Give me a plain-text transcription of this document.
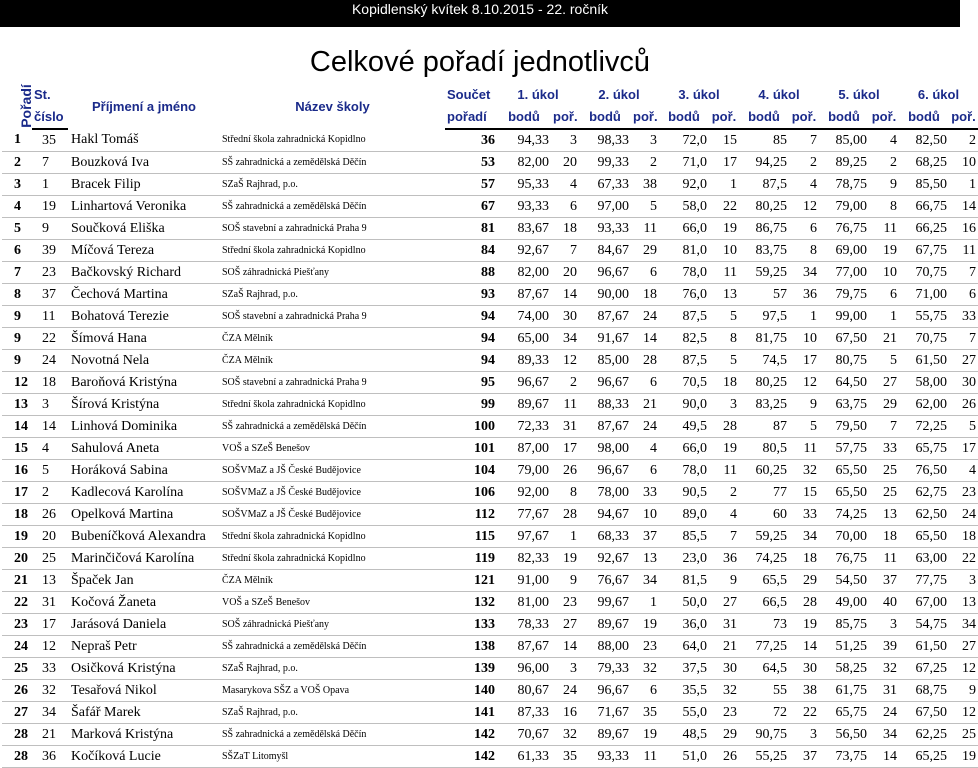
Kopidlenský kvítek 8.10.2015 - 22. ročník
Celkové pořadí jednotlivců
Pořadí	St.	Příjmení a jméno	Název školy	Součet	1. úkol		2. úkol		3. úkol		4. úkol		5. úkol		6. úkol	
	číslo			pořadí	bodů	poř.	bodů	poř.	bodů	poř.	bodů	poř.	bodů	poř.	bodů	poř.
1	35	Hakl Tomáš	Střední škola zahradnická Kopidlno	36	94,33	3	98,33	3	72,0	15	85	7	85,00	4	82,50	2
2	7	Bouzková Iva	SŠ zahradnická a zemědělská Děčín	53	82,00	20	99,33	2	71,0	17	94,25	2	89,25	2	68,25	10
3	1	Bracek Filip	SZaŠ Rajhrad, p.o.	57	95,33	4	67,33	38	92,0	1	87,5	4	78,75	9	85,50	1
4	19	Linhartová Veronika	SŠ zahradnická a zemědělská Děčín	67	93,33	6	97,00	5	58,0	22	80,25	12	79,00	8	66,75	14
5	9	Součková Eliška	SOŠ stavební a zahradnická Praha 9	81	83,67	18	93,33	11	66,0	19	86,75	6	76,75	11	66,25	16
6	39	Míčová Tereza	Střední škola zahradnická Kopidlno	84	92,67	7	84,67	29	81,0	10	83,75	8	69,00	19	67,75	11
7	23	Bačkovský Richard	SOŠ záhradnická Piešťany	88	82,00	20	96,67	6	78,0	11	59,25	34	77,00	10	70,75	7
8	37	Čechová Martina	SZaŠ Rajhrad, p.o.	93	87,67	14	90,00	18	76,0	13	57	36	79,75	6	71,00	6
9	11	Bohatová Terezie	SOŠ stavební a zahradnická Praha 9	94	74,00	30	87,67	24	87,5	5	97,5	1	99,00	1	55,75	33
9	22	Šímová Hana	ČZA Mělník	94	65,00	34	91,67	14	82,5	8	81,75	10	67,50	21	70,75	7
9	24	Novotná Nela	ČZA Mělník	94	89,33	12	85,00	28	87,5	5	74,5	17	80,75	5	61,50	27
12	18	Baroňová Kristýna	SOŠ stavební a zahradnická Praha 9	95	96,67	2	96,67	6	70,5	18	80,25	12	64,50	27	58,00	30
13	3	Šírová Kristýna	Střední škola zahradnická Kopidlno	99	89,67	11	88,33	21	90,0	3	83,25	9	63,75	29	62,00	26
14	14	Linhová Dominika	SŠ zahradnická a zemědělská Děčín	100	72,33	31	87,67	24	49,5	28	87	5	79,50	7	72,25	5
15	4	Sahulová Aneta	VOŠ a SZeŠ Benešov	101	87,00	17	98,00	4	66,0	19	80,5	11	57,75	33	65,75	17
16	5	Horáková Sabina	SOŠVMaZ a JŠ České Budějovice	104	79,00	26	96,67	6	78,0	11	60,25	32	65,50	25	76,50	4
17	2	Kadlecová Karolína	SOŠVMaZ a JŠ České Budějovice	106	92,00	8	78,00	33	90,5	2	77	15	65,50	25	62,75	23
18	26	Opelková Martina	SOŠVMaZ a JŠ České Budějovice	112	77,67	28	94,67	10	89,0	4	60	33	74,25	13	62,50	24
19	20	Bubeníčková Alexandra	Střední škola zahradnická Kopidlno	115	97,67	1	68,33	37	85,5	7	59,25	34	70,00	18	65,50	18
20	25	Marinčičová Karolína	Střední škola zahradnická Kopidlno	119	82,33	19	92,67	13	23,0	36	74,25	18	76,75	11	63,00	22
21	13	Špaček Jan	ČZA Mělník	121	91,00	9	76,67	34	81,5	9	65,5	29	54,50	37	77,75	3
22	31	Kočová Žaneta	VOŠ a SZeŠ Benešov	132	81,00	23	99,67	1	50,0	27	66,5	28	49,00	40	67,00	13
23	17	Jarásová Daniela	SOŠ záhradnická Piešťany	133	78,33	27	89,67	19	36,0	31	73	19	85,75	3	54,75	34
24	12	Nepraš Petr	SŠ zahradnická a zemědělská Děčín	138	87,67	14	88,00	23	64,0	21	77,25	14	51,25	39	61,50	27
25	33	Osičková Kristýna	SZaŠ Rajhrad, p.o.	139	96,00	3	79,33	32	37,5	30	64,5	30	58,25	32	67,25	12
26	32	Tesařová Nikol	Masarykova SŠZ a VOŠ Opava	140	80,67	24	96,67	6	35,5	32	55	38	61,75	31	68,75	9
27	34	Šafář Marek	SZaŠ Rajhrad, p.o.	141	87,33	16	71,67	35	55,0	23	72	22	65,75	24	67,50	12
28	21	Marková Kristýna	SŠ zahradnická a zemědělská Děčín	142	70,67	32	89,67	19	48,5	29	90,75	3	56,50	34	62,25	25
28	36	Kočíková Lucie	SŠZaT Litomyšl	142	61,33	35	93,33	11	51,0	26	55,25	37	73,75	14	65,25	19
